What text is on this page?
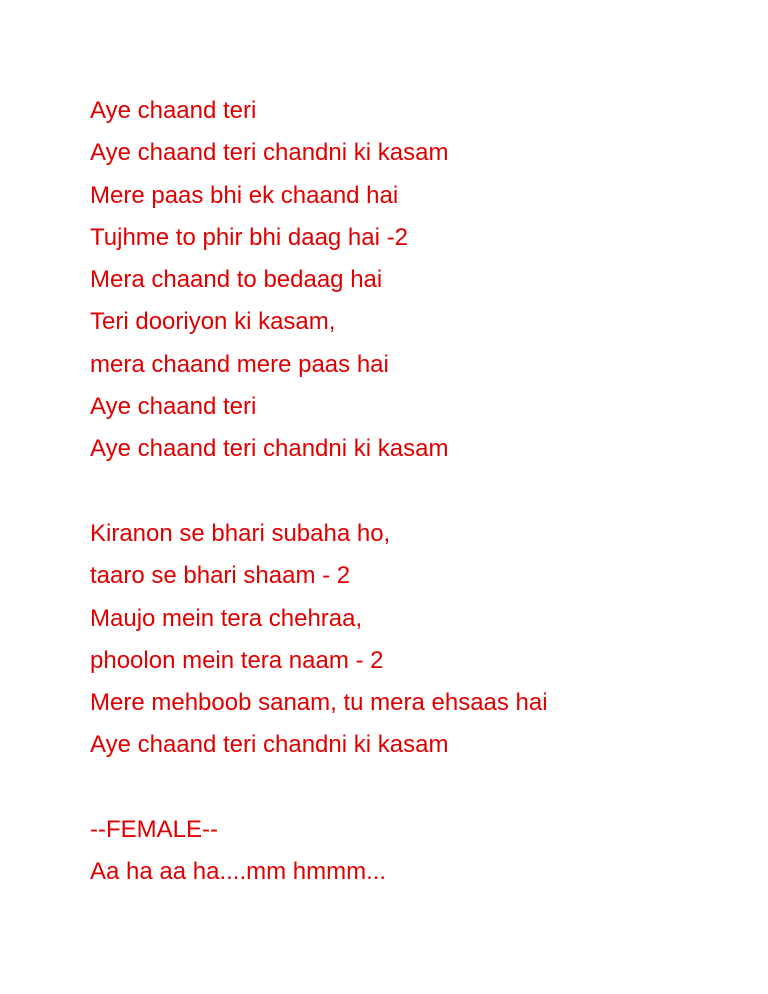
Aye chaand teri
Aye chaand teri chandni ki kasam
Mere paas bhi ek chaand hai
Tujhme to phir bhi daag hai -2
Mera chaand to bedaag hai
Teri dooriyon ki kasam,
mera chaand mere paas hai
Aye chaand teri
Aye chaand teri chandni ki kasam
Kiranon se bhari subaha ho,
taaro se bhari shaam - 2
Maujo mein tera chehraa,
phoolon mein tera naam - 2
Mere mehboob sanam, tu mera ehsaas hai
Aye chaand teri chandni ki kasam
--FEMALE--
Aa ha aa ha....mm hmmm...
